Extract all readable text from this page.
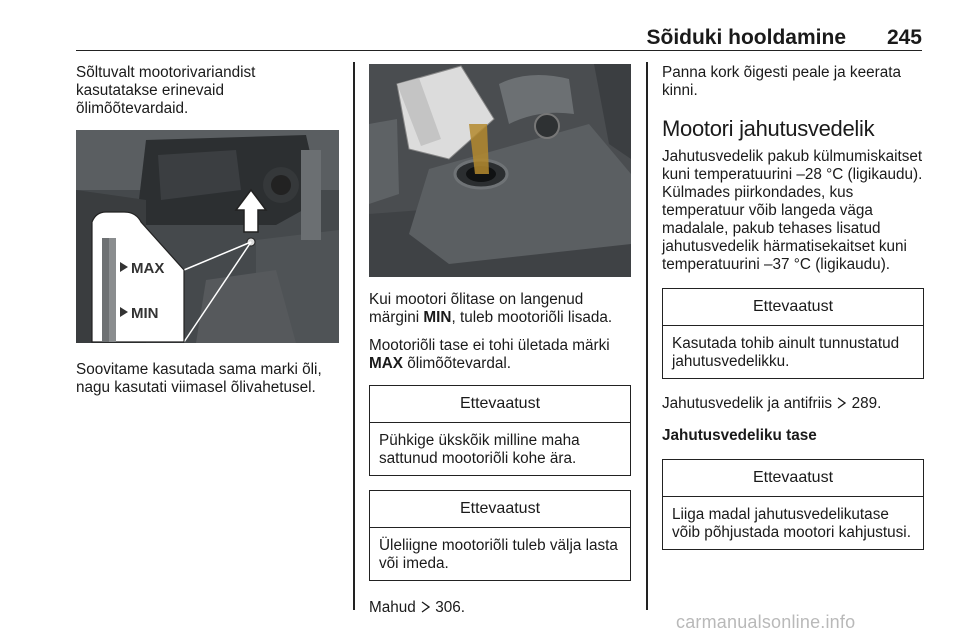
Sõiduki hooldamine 245

Sõltuvalt mootorivariandist kasutatakse erinevaid õlimõõtevardaid.

MAX
MIN

Soovitame kasutada sama marki õli, nagu kasutati viimasel õlivahetusel.

Kui mootori õlitase on langenud märgini MIN, tuleb mootoriõli lisada.

Mootoriõli tase ei tohi ületada märki MAX õlimõõtevardal.

Ettevaatust
Pühkige ükskõik milline maha sattunud mootoriõli kohe ära.
Ettevaatust
Üleliigne mootoriõli tuleb välja lasta või imeda.

Mahud 306.

Panna kork õigesti peale ja keerata kinni.

Mootori jahutusvedelik

Jahutusvedelik pakub külmumiskaitset kuni temperatuurini –28 °C (ligikaudu). Külmades piirkondades, kus temperatuur võib langeda väga madalale, pakub tehases lisatud jahutusvedelik härmatisekaitset kuni temperatuurini –37 °C (ligikaudu).

Ettevaatust
Kasutada tohib ainult tunnustatud jahutusvedelikku.

Jahutusvedelik ja antifriis 289.

Jahutusvedeliku tase
Ettevaatust
Liiga madal jahutusvedelikutase võib põhjustada mootori kahjustusi.
carmanualsonline.info
